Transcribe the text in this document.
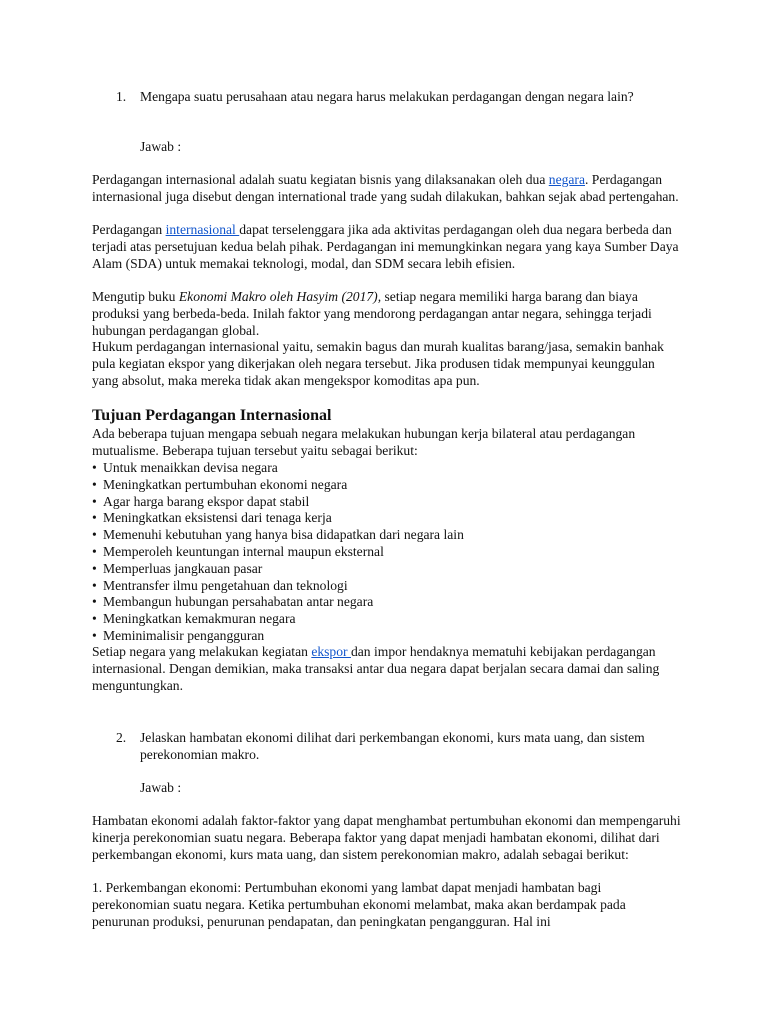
1.	Mengapa suatu perusahaan atau negara harus melakukan perdagangan dengan negara lain?

Jawab :

Perdagangan internasional adalah suatu kegiatan bisnis yang dilaksanakan oleh dua negara. Perdagangan internasional juga disebut dengan international trade yang sudah dilakukan, bahkan sejak abad pertengahan.

Perdagangan internasional dapat terselenggara jika ada aktivitas perdagangan oleh dua negara berbeda dan terjadi atas persetujuan kedua belah pihak. Perdagangan ini memungkinkan negara yang kaya Sumber Daya Alam (SDA) untuk memakai teknologi, modal, dan SDM secara lebih efisien.

Mengutip buku Ekonomi Makro oleh Hasyim (2017), setiap negara memiliki harga barang dan biaya produksi yang berbeda-beda. Inilah faktor yang mendorong perdagangan antar negara, sehingga terjadi hubungan perdagangan global.

Hukum perdagangan internasional yaitu, semakin bagus dan murah kualitas barang/jasa, semakin banhak pula kegiatan ekspor yang dikerjakan oleh negara tersebut. Jika produsen tidak mempunyai keunggulan yang absolut, maka mereka tidak akan mengekspor komoditas apa pun.

Tujuan Perdagangan Internasional

Ada beberapa tujuan mengapa sebuah negara melakukan hubungan kerja bilateral atau perdagangan mutualisme. Beberapa tujuan tersebut yaitu sebagai berikut:

• Untuk menaikkan devisa negara
• Meningkatkan pertumbuhan ekonomi negara
• Agar harga barang ekspor dapat stabil
• Meningkatkan eksistensi dari tenaga kerja
• Memenuhi kebutuhan yang hanya bisa didapatkan dari negara lain
• Memperoleh keuntungan internal maupun eksternal
• Memperluas jangkauan pasar
• Mentransfer ilmu pengetahuan dan teknologi
• Membangun hubungan persahabatan antar negara
• Meningkatkan kemakmuran negara
• Meminimalisir pengangguran

Setiap negara yang melakukan kegiatan ekspor dan impor hendaknya mematuhi kebijakan perdagangan internasional. Dengan demikian, maka transaksi antar dua negara dapat berjalan secara damai dan saling menguntungkan.

2.	Jelaskan hambatan ekonomi dilihat dari perkembangan ekonomi, kurs mata uang, dan sistem perekonomian makro.

Jawab :

Hambatan ekonomi adalah faktor-faktor yang dapat menghambat pertumbuhan ekonomi dan mempengaruhi kinerja perekonomian suatu negara. Beberapa faktor yang dapat menjadi hambatan ekonomi, dilihat dari perkembangan ekonomi, kurs mata uang, dan sistem perekonomian makro, adalah sebagai berikut:

1. Perkembangan ekonomi: Pertumbuhan ekonomi yang lambat dapat menjadi hambatan bagi perekonomian suatu negara. Ketika pertumbuhan ekonomi melambat, maka akan berdampak pada penurunan produksi, penurunan pendapatan, dan peningkatan pengangguran. Hal ini
